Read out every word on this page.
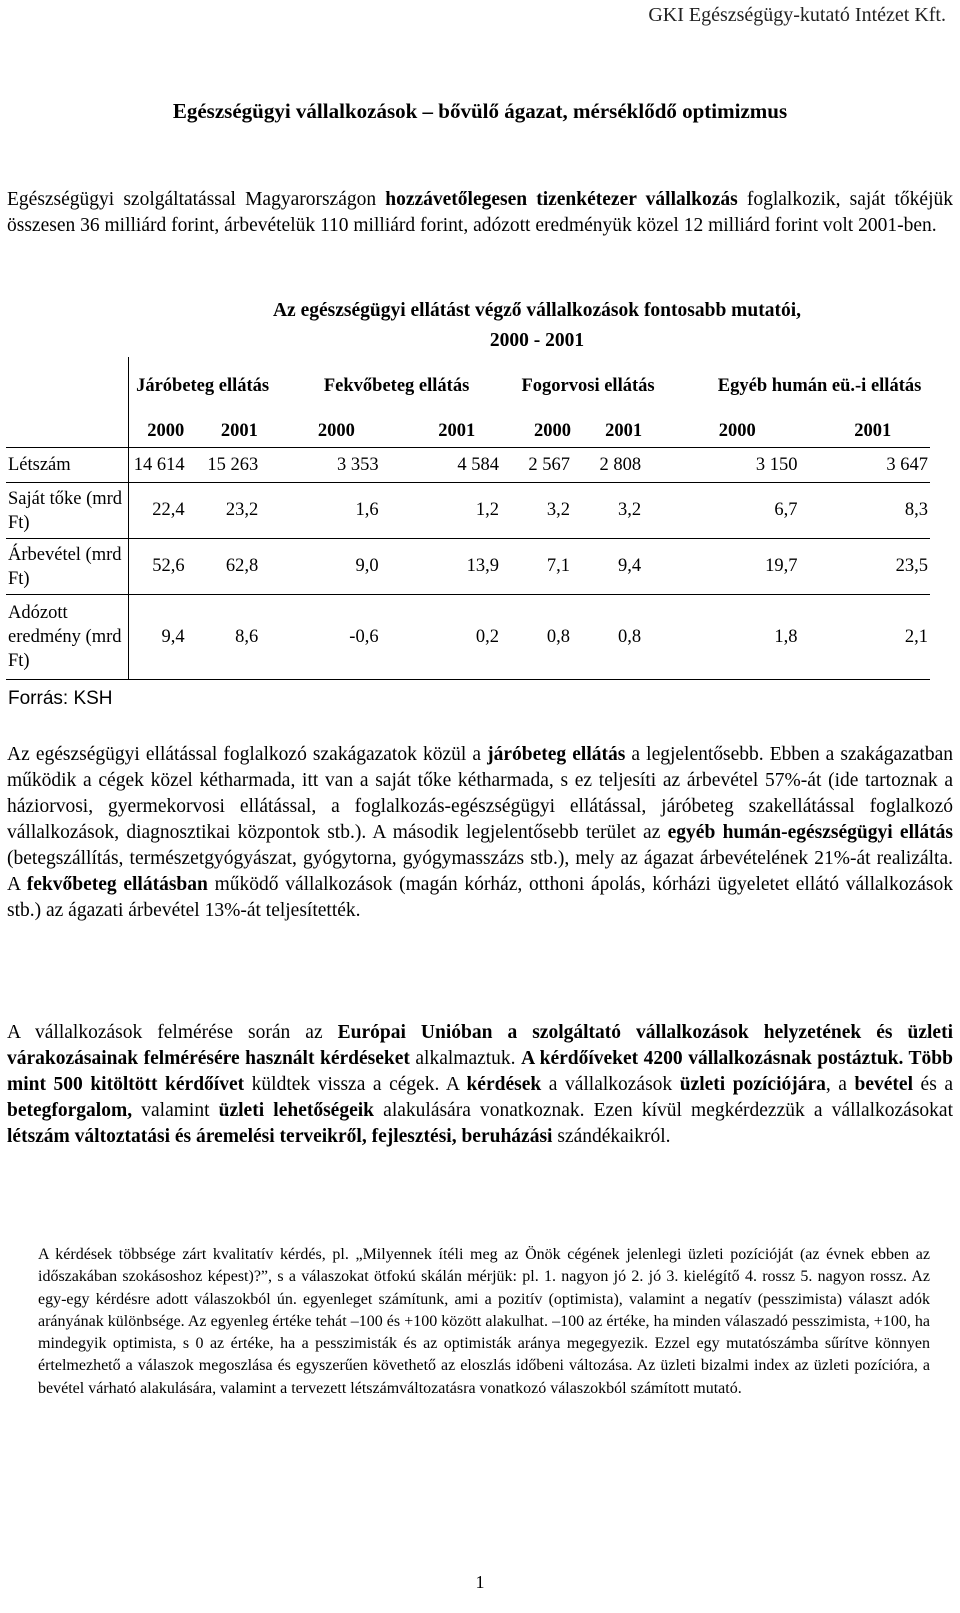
GKI Egészségügy-kutató Intézet Kft.
Egészségügyi vállalkozások – bővülő ágazat, mérséklődő optimizmus
Egészségügyi szolgáltatással Magyarországon hozzávetőlegesen tizenkétezer vállalkozás foglalkozik, saját tőkéjük összesen 36 milliárd forint, árbevételük 110 milliárd forint, adózott eredményük közel 12 milliárd forint volt 2001-ben.
Az egészségügyi ellátást végző vállalkozások fontosabb mutatói,
2000 - 2001
	Járóbeteg ellátás		Fekvőbeteg ellátás		Fogorvosi ellátás		Egyéb humán eü.-i ellátás	
	2000	2001	2000	2001	2000	2001	2000	2001
Létszám	14 614	15 263	3 353	4 584	2 567	2 808	3 150	3 647
Saját tőke (mrd Ft)	22,4	23,2	1,6	1,2	3,2	3,2	6,7	8,3
Árbevétel (mrd Ft)	52,6	62,8	9,0	13,9	7,1	9,4	19,7	23,5
Adózott eredmény (mrd Ft)	9,4	8,6	-0,6	0,2	0,8	0,8	1,8	2,1
Forrás: KSH								
Az egészségügyi ellátással foglalkozó szakágazatok közül a járóbeteg ellátás a legjelentősebb. Ebben a szakágazatban működik a cégek közel kétharmada, itt van a saját tőke kétharmada, s ez teljesíti az árbevétel 57%-át (ide tartoznak a háziorvosi, gyermekorvosi ellátással, a foglalkozás-egészségügyi ellátással, járóbeteg szakellátással foglalkozó vállalkozások, diagnosztikai központok stb.). A második legjelentősebb terület az egyéb humán-egészségügyi ellátás (betegszállítás, természetgyógyászat, gyógytorna, gyógymasszázs stb.), mely az ágazat árbevételének 21%-át realizálta. A fekvőbeteg ellátásban működő vállalkozások (magán kórház, otthoni ápolás, kórházi ügyeletet ellátó vállalkozások stb.) az ágazati árbevétel 13%-át teljesítették.
A vállalkozások felmérése során az Európai Unióban a szolgáltató vállalkozások helyzetének és üzleti várakozásainak felmérésére használt kérdéseket alkalmaztuk. A kérdőíveket 4200 vállalkozásnak postáztuk. Több mint 500 kitöltött kérdőívet küldtek vissza a cégek. A kérdések a vállalkozások üzleti pozíciójára, a bevétel és a betegforgalom, valamint üzleti lehetőségeik alakulására vonatkoznak. Ezen kívül megkérdezzük a vállalkozásokat létszám változtatási és áremelési terveikről, fejlesztési, beruházási szándékaikról.
A kérdések többsége zárt kvalitatív kérdés, pl. „Milyennek ítéli meg az Önök cégének jelenlegi üzleti pozícióját (az évnek ebben az időszakában szokásoshoz képest)?”, s a válaszokat ötfokú skálán mérjük: pl. 1. nagyon jó 2. jó 3. kielégítő 4. rossz 5. nagyon rossz. Az egy-egy kérdésre adott válaszokból ún. egyenleget számítunk, ami a pozitív (optimista), valamint a negatív (pesszimista) választ adók arányának különbsége. Az egyenleg értéke tehát –100 és +100 között alakulhat. –100 az értéke, ha minden válaszadó pesszimista, +100, ha mindegyik optimista, s 0 az értéke, ha a pesszimisták és az optimisták aránya megegyezik. Ezzel egy mutatószámba sűrítve könnyen értelmezhető a válaszok megoszlása és egyszerűen követhető az eloszlás időbeni változása. Az üzleti bizalmi index az üzleti pozícióra, a bevétel várható alakulására, valamint a tervezett létszámváltozatásra vonatkozó válaszokból számított mutató.
1
